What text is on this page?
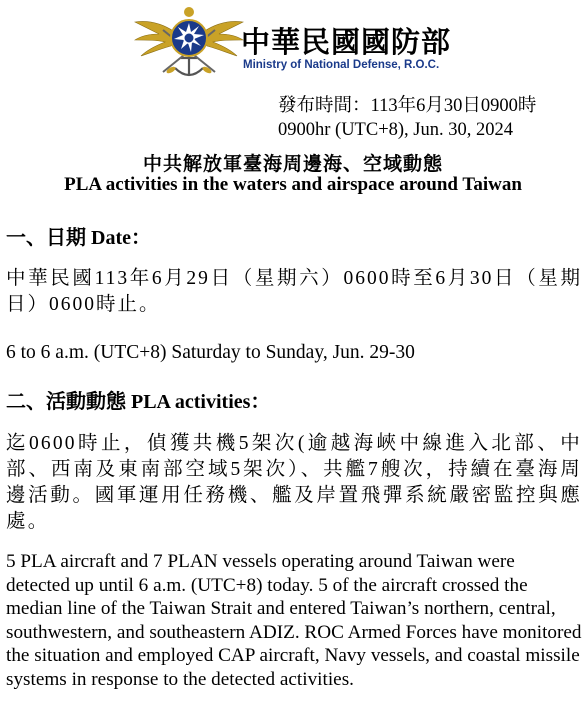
中華民國國防部
Ministry of National Defense, R.O.C.
發布時間：113年6月30日0900時
0900hr (UTC+8), Jun. 30, 2024
中共解放軍臺海周邊海、空域動態
PLA activities in the waters and airspace around Taiwan
一、日期 Date：
中華民國113年6月29日（星期六）0600時至6月30日（星期日）0600時止。
6 to 6 a.m. (UTC+8) Saturday to Sunday, Jun. 29-30
二、活動動態 PLA activities：
迄0600時止，偵獲共機5架次(逾越海峽中線進入北部、中部、西南及東南部空域5架次）、共艦7艘次，持續在臺海周邊活動。國軍運用任務機、艦及岸置飛彈系統嚴密監控與應處。
5 PLA aircraft and 7 PLAN vessels operating around Taiwan were detected up until 6 a.m. (UTC+8) today. 5 of the aircraft crossed the median line of the Taiwan Strait and entered Taiwan’s northern, central, southwestern, and southeastern ADIZ. ROC Armed Forces have monitored the situation and employed CAP aircraft, Navy vessels, and coastal missile systems in response to the detected activities.
